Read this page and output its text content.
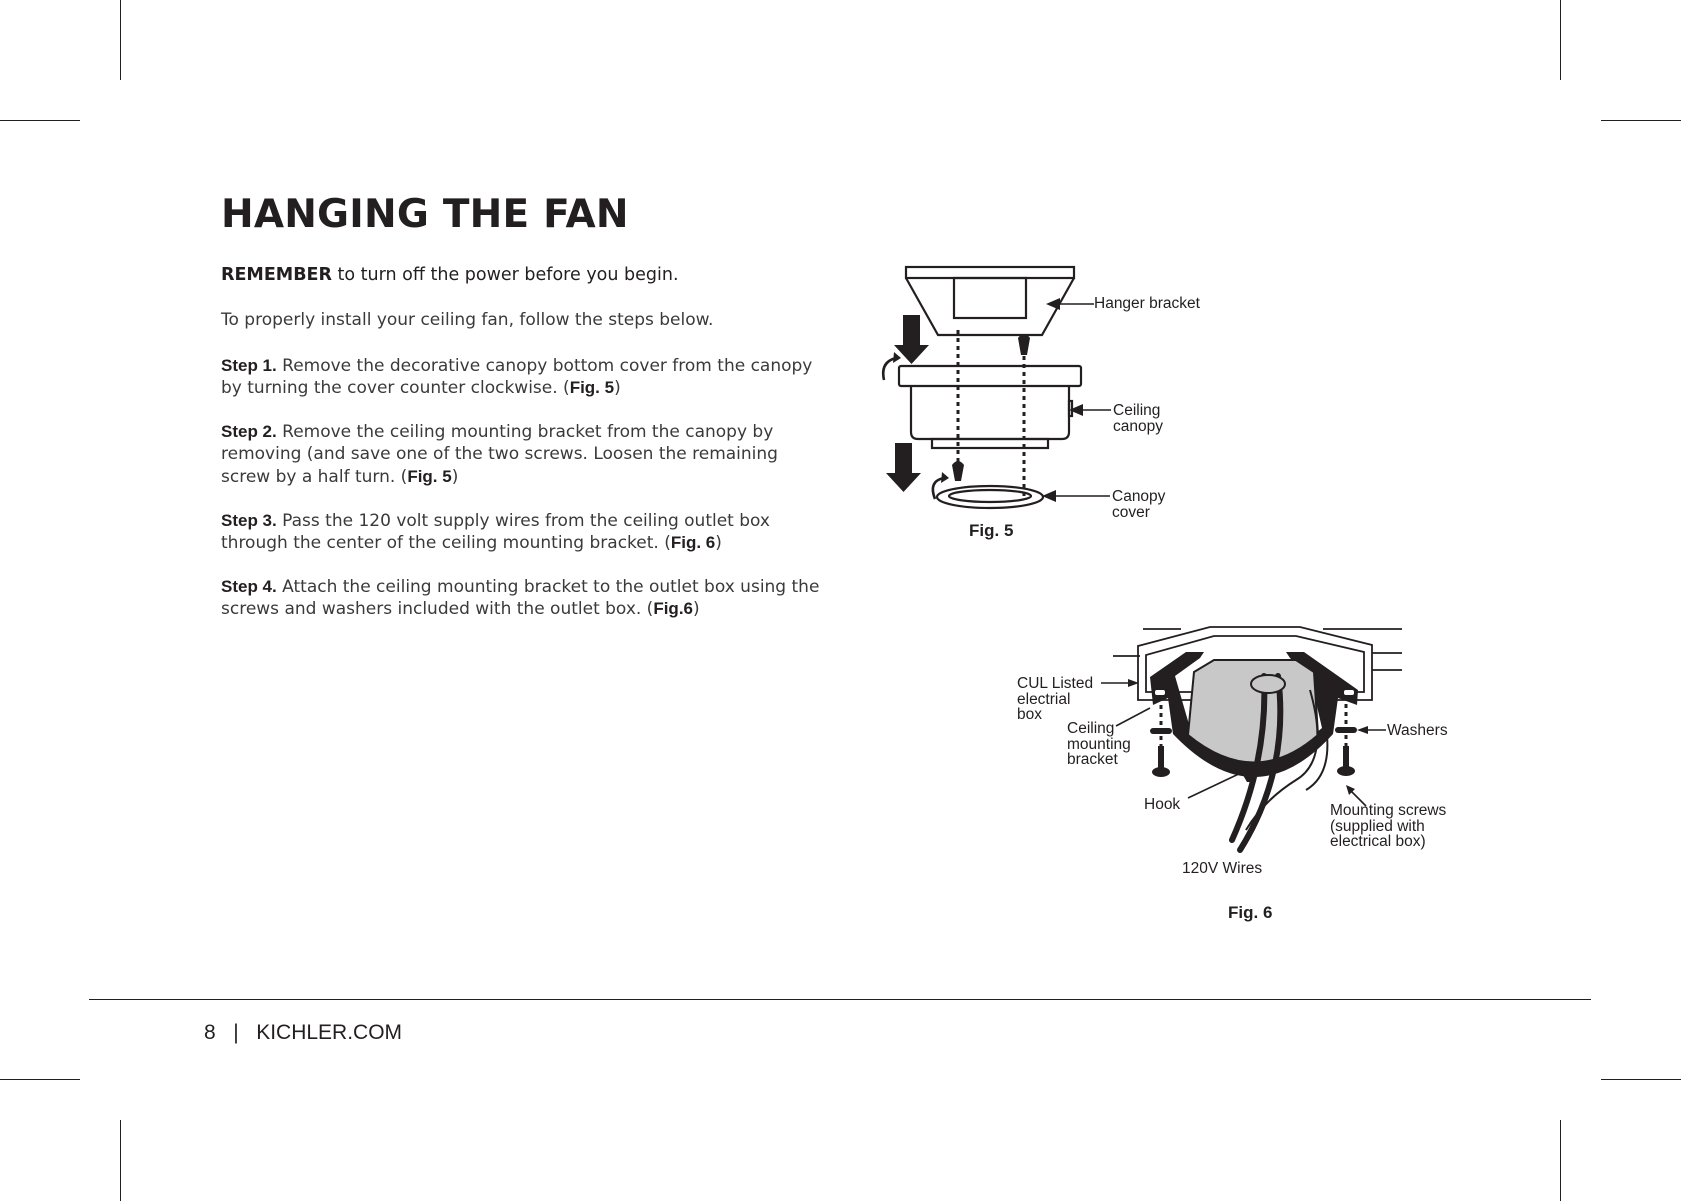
HANGING THE FAN
REMEMBER to turn off the power before you begin.
To properly install your ceiling fan, follow the steps below.
Step 1. Remove the decorative canopy bottom cover from the canopy by turning the cover counter clockwise. (Fig. 5)
Step 2. Remove the ceiling mounting bracket from the canopy by removing (and save one of the two screws. Loosen the remaining screw by a half turn. (Fig. 5)
Step 3. Pass the 120 volt supply wires from the ceiling outlet box through the center of the ceiling mounting bracket. (Fig. 6)
Step 4. Attach the ceiling mounting bracket to the outlet box using the screws and washers included with the outlet box. (Fig.6)
Hanger bracket
Ceiling
canopy
Canopy
cover
Fig. 5
CUL Listed
electrial
box
Ceiling
mounting
bracket
Hook
Washers
Mounting screws
(supplied with
electrical box)
120V Wires
Fig. 6
8 | KICHLER.COM
